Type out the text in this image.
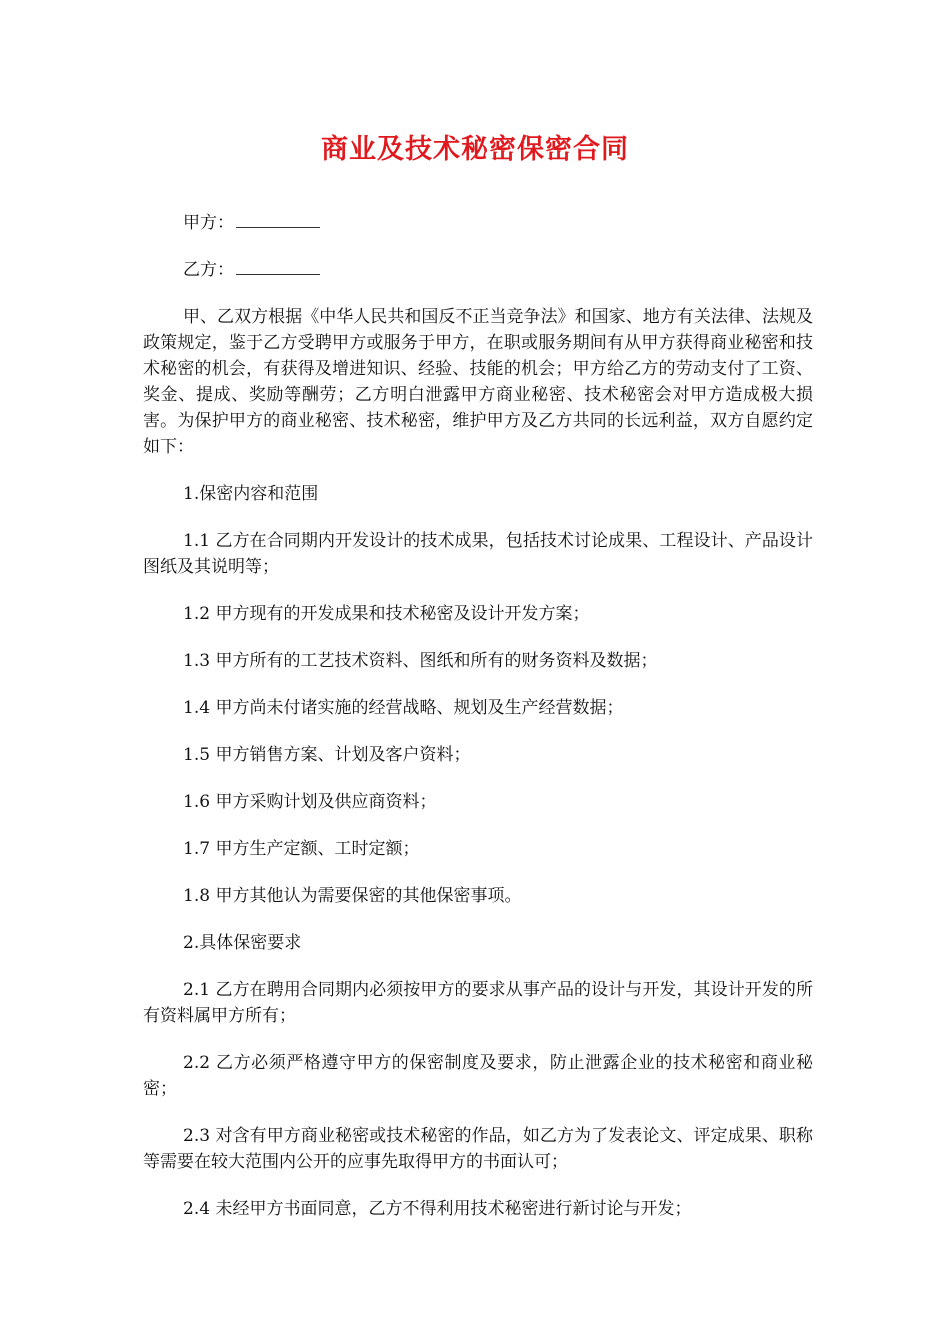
商业及技术秘密保密合同

甲方：

乙方：

甲、乙双方根据《中华人民共和国反不正当竞争法》和国家、地方有关法律、法规及政策规定，鉴于乙方受聘甲方或服务于甲方，在职或服务期间有从甲方获得商业秘密和技术秘密的机会，有获得及增进知识、经验、技能的机会；甲方给乙方的劳动支付了工资、奖金、提成、奖励等酬劳；乙方明白泄露甲方商业秘密、技术秘密会对甲方造成极大损害。为保护甲方的商业秘密、技术秘密，维护甲方及乙方共同的长远利益，双方自愿约定如下：

1.保密内容和范围

1.1 乙方在合同期内开发设计的技术成果，包括技术讨论成果、工程设计、产品设计图纸及其说明等；

1.2 甲方现有的开发成果和技术秘密及设计开发方案；

1.3 甲方所有的工艺技术资料、图纸和所有的财务资料及数据；

1.4 甲方尚未付诸实施的经营战略、规划及生产经营数据；

1.5 甲方销售方案、计划及客户资料；

1.6 甲方采购计划及供应商资料；

1.7 甲方生产定额、工时定额；

1.8 甲方其他认为需要保密的其他保密事项。

2.具体保密要求

2.1 乙方在聘用合同期内必须按甲方的要求从事产品的设计与开发，其设计开发的所有资料属甲方所有；

2.2 乙方必须严格遵守甲方的保密制度及要求，防止泄露企业的技术秘密和商业秘密；

2.3 对含有甲方商业秘密或技术秘密的作品，如乙方为了发表论文、评定成果、职称等需要在较大范围内公开的应事先取得甲方的书面认可；

2.4 未经甲方书面同意，乙方不得利用技术秘密进行新讨论与开发；
